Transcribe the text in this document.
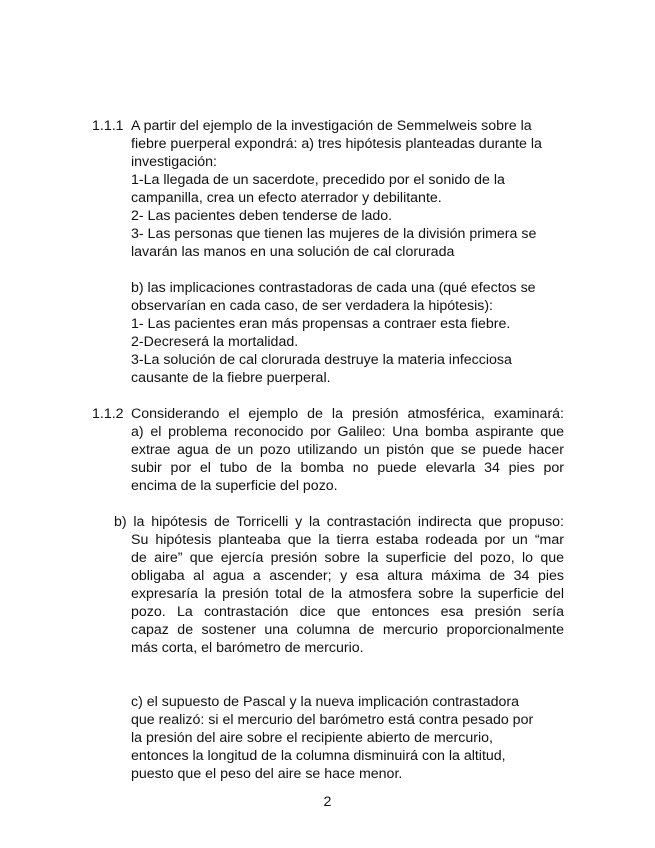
1.1.1 A partir del ejemplo de la investigación de Semmelweis sobre la
fiebre puerperal expondrá: a) tres hipótesis planteadas durante la
investigación:
1-La llegada de un sacerdote, precedido por el sonido de la
campanilla, crea un efecto aterrador y debilitante.
2- Las pacientes deben tenderse de lado.
3- Las personas que tienen las mujeres de la división primera se
lavarán las manos en una solución de cal clorurada
b) las implicaciones contrastadoras de cada una (qué efectos se
observarían en cada caso, de ser verdadera la hipótesis):
1- Las pacientes eran más propensas a contraer esta fiebre.
2-Decreserá la mortalidad.
3-La solución de cal clorurada destruye la materia infecciosa
causante de la fiebre puerperal.
1.1.2 Considerando el ejemplo de la presión atmosférica, examinará:
a) el problema reconocido por Galileo: Una bomba aspirante que
extrae agua de un pozo utilizando un pistón que se puede hacer
subir por el tubo de la bomba no puede elevarla 34 pies por
encima de la superficie del pozo.
b) la hipótesis de Torricelli y la contrastación indirecta que propuso:
Su hipótesis planteaba que la tierra estaba rodeada por un “mar
de aire” que ejercía presión sobre la superficie del pozo, lo que
obligaba al agua a ascender; y esa altura máxima de 34 pies
expresaría la presión total de la atmosfera sobre la superficie del
pozo. La contrastación dice que entonces esa presión sería
capaz de sostener una columna de mercurio proporcionalmente
más corta, el barómetro de mercurio.
c) el supuesto de Pascal y la nueva implicación contrastadora
que realizó: si el mercurio del barómetro está contra pesado por
la presión del aire sobre el recipiente abierto de mercurio,
entonces la longitud de la columna disminuirá con la altitud,
puesto que el peso del aire se hace menor.
2
